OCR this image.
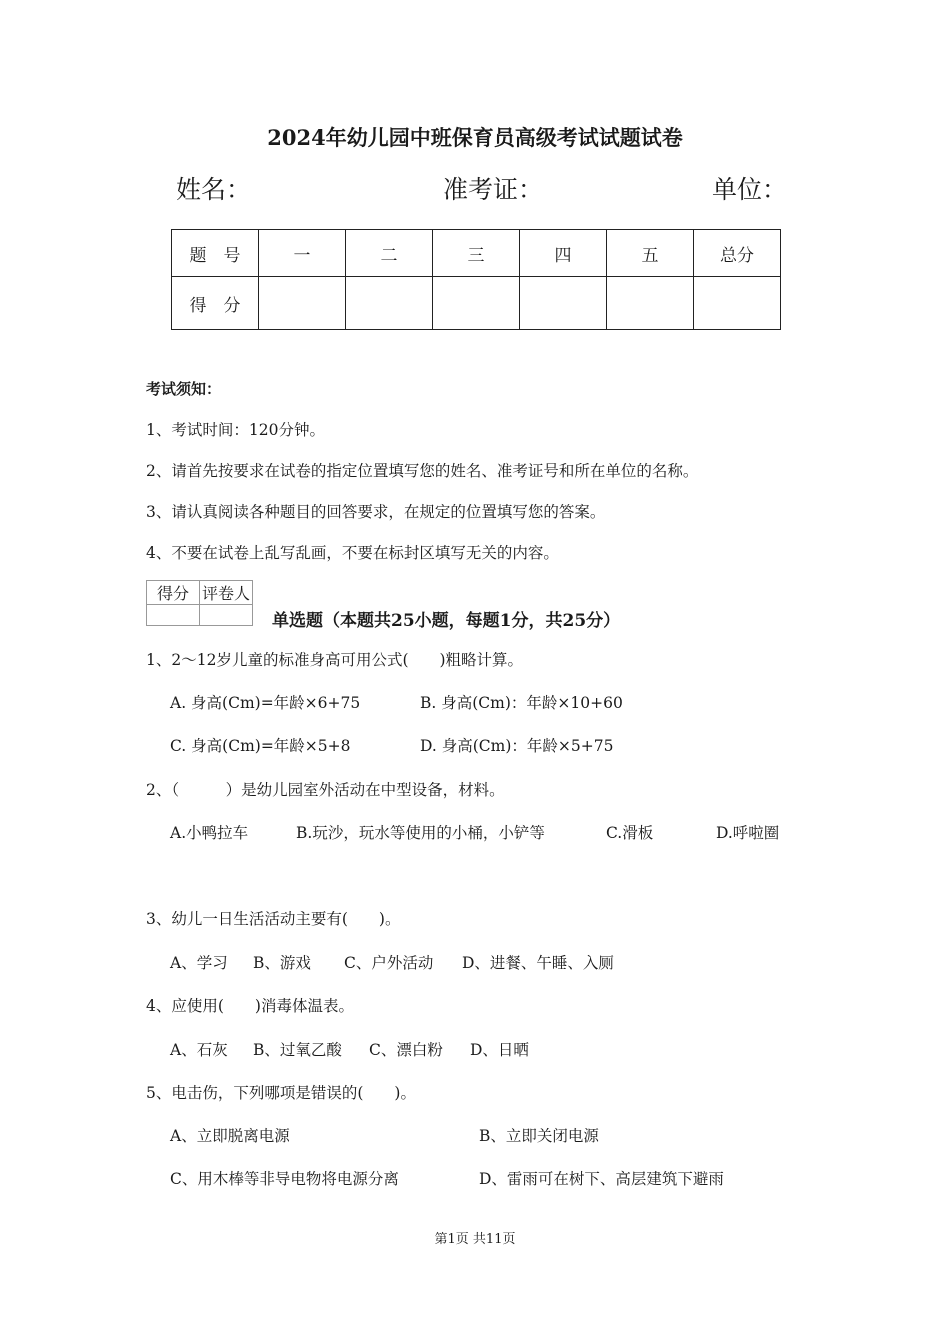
2024年幼儿园中班保育员高级考试试题试卷
姓名：	准考证：	单位：
题　号	一	二	三	四	五	总分
得　分						
考试须知：
1、考试时间：120分钟。
2、请首先按要求在试卷的指定位置填写您的姓名、准考证号和所在单位的名称。
3、请认真阅读各种题目的回答要求，在规定的位置填写您的答案。
4、不要在试卷上乱写乱画，不要在标封区填写无关的内容。
得分	评卷人

单选题（本题共25小题，每题1分，共25分）
1、2～12岁儿童的标准身高可用公式(　　)粗略计算。
A. 身高(Cm)=年龄×6+75	B. 身高(Cm)：年龄×10+60
C. 身高(Cm)=年龄×5+8	D. 身高(Cm)：年龄×5+75
2、（　　　）是幼儿园室外活动在中型设备，材料。
A.小鸭拉车	B.玩沙，玩水等使用的小桶，小铲等	C.滑板	D.呼啦圈
3、幼儿一日生活活动主要有(　　)。
A、学习 B、游戏 C、户外活动 D、进餐、午睡、入厕
4、应使用(　　)消毒体温表。
A、石灰 B、过氧乙酸 C、漂白粉 D、日晒
5、电击伤，下列哪项是错误的(　　)。
A、立即脱离电源	B、立即关闭电源
C、用木棒等非导电物将电源分离	D、雷雨可在树下、高层建筑下避雨
第1页 共11页
